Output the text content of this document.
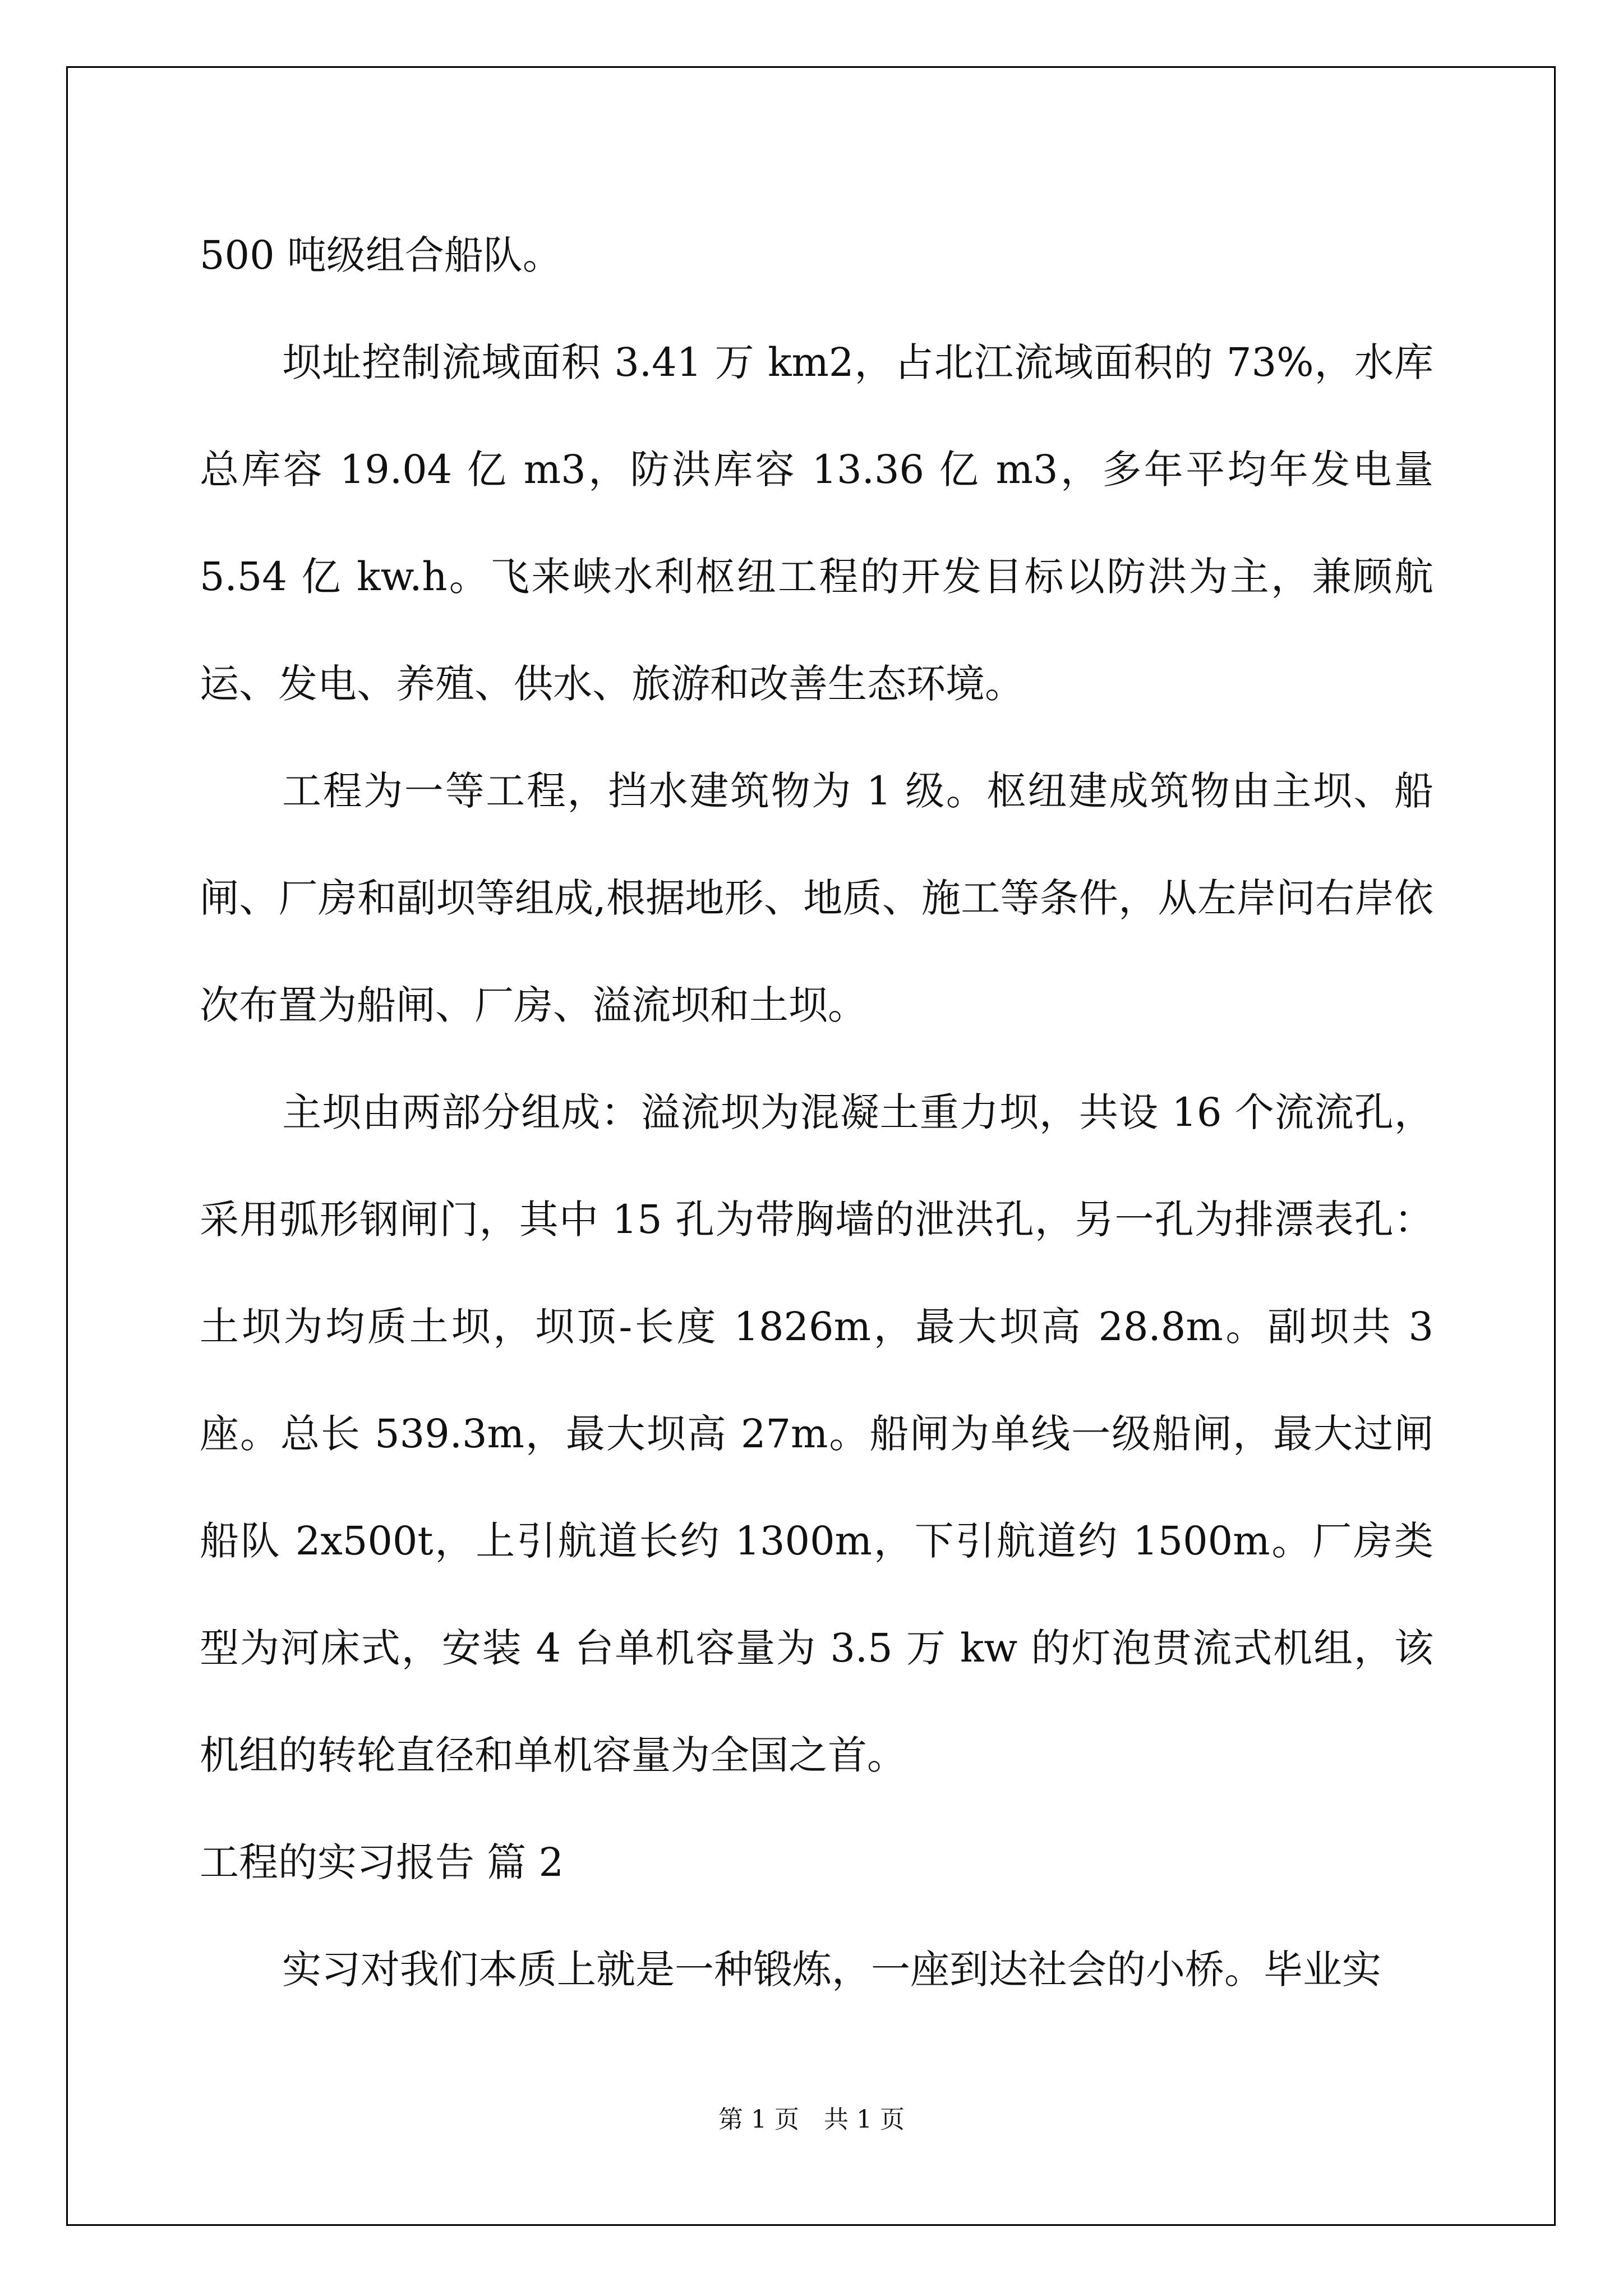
500 吨级组合船队。

坝址控制流域面积 3.41 万 km2，占北江流域面积的 73%，水库总库容 19.04 亿 m3，防洪库容 13.36 亿 m3，多年平均年发电量 5.54 亿 kw.h。飞来峡水利枢纽工程的开发目标以防洪为主，兼顾航运、发电、养殖、供水、旅游和改善生态环境。

工程为一等工程，挡水建筑物为 1 级。枢纽建成筑物由主坝、船闸、厂房和副坝等组成,根据地形、地质、施工等条件，从左岸问右岸依次布置为船闸、厂房、溢流坝和土坝。

主坝由两部分组成：溢流坝为混凝土重力坝，共设 16 个流流孔，采用弧形钢闸门，其中 15 孔为带胸墙的泄洪孔，另一孔为排漂表孔：土坝为均质土坝，坝顶-长度 1826m，最大坝高 28.8m。副坝共 3 座。总长 539.3m，最大坝高 27m。船闸为单线一级船闸，最大过闸船队 2x500t，上引航道长约 1300m，下引航道约 1500m。厂房类型为河床式，安装 4 台单机容量为 3.5 万 kw 的灯泡贯流式机组，该机组的转轮直径和单机容量为全国之首。

工程的实习报告 篇 2

实习对我们本质上就是一种锻炼，一座到达社会的小桥。毕业实

第 1 页　共 1 页
